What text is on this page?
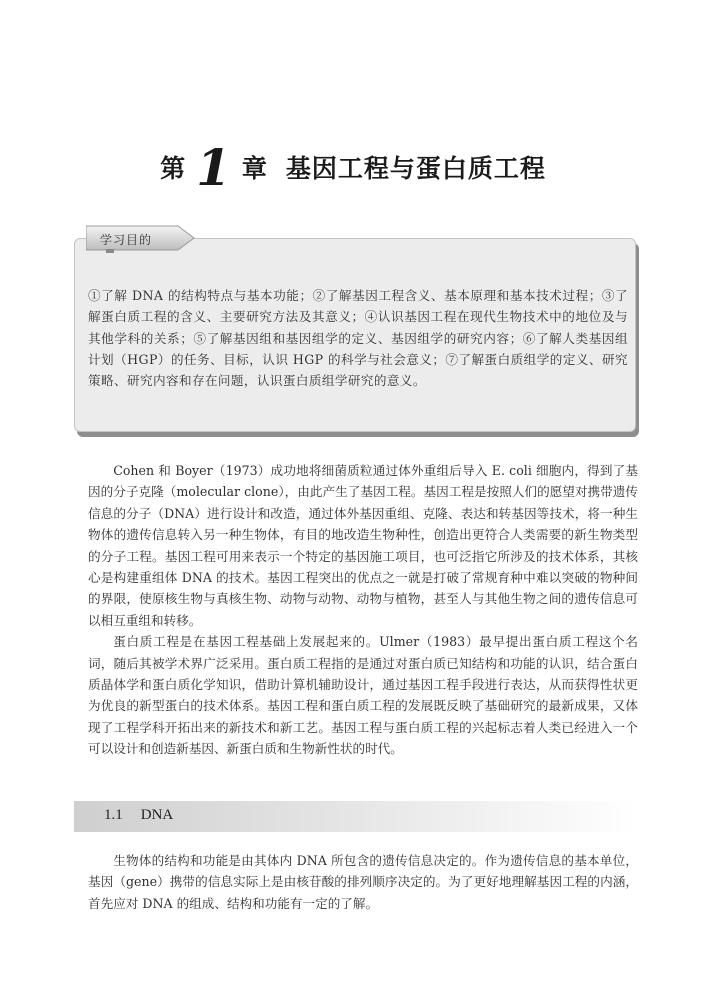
第 1 章 基因工程与蛋白质工程
学习目的
①了解 DNA 的结构特点与基本功能；②了解基因工程含义、基本原理和基本技术过程；③了解蛋白质工程的含义、主要研究方法及其意义；④认识基因工程在现代生物技术中的地位及与其他学科的关系；⑤了解基因组和基因组学的定义、基因组学的研究内容；⑥了解人类基因组计划（HGP）的任务、目标，认识 HGP 的科学与社会意义；⑦了解蛋白质组学的定义、研究策略、研究内容和存在问题，认识蛋白质组学研究的意义。

Cohen 和 Boyer（1973）成功地将细菌质粒通过体外重组后导入 E. coli 细胞内，得到了基因的分子克隆（molecular clone），由此产生了基因工程。基因工程是按照人们的愿望对携带遗传信息的分子（DNA）进行设计和改造，通过体外基因重组、克隆、表达和转基因等技术，将一种生物体的遗传信息转入另一种生物体，有目的地改造生物种性，创造出更符合人类需要的新生物类型的分子工程。基因工程可用来表示一个特定的基因施工项目，也可泛指它所涉及的技术体系，其核心是构建重组体 DNA 的技术。基因工程突出的优点之一就是打破了常规育种中难以突破的物种间的界限，使原核生物与真核生物、动物与动物、动物与植物，甚至人与其他生物之间的遗传信息可以相互重组和转移。

蛋白质工程是在基因工程基础上发展起来的。Ulmer（1983）最早提出蛋白质工程这个名词，随后其被学术界广泛采用。蛋白质工程指的是通过对蛋白质已知结构和功能的认识，结合蛋白质晶体学和蛋白质化学知识，借助计算机辅助设计，通过基因工程手段进行表达，从而获得性状更为优良的新型蛋白的技术体系。基因工程和蛋白质工程的发展既反映了基础研究的最新成果，又体现了工程学科开拓出来的新技术和新工艺。基因工程与蛋白质工程的兴起标志着人类已经进入一个可以设计和创造新基因、新蛋白质和生物新性状的时代。

1.1 DNA

生物体的结构和功能是由其体内 DNA 所包含的遗传信息决定的。作为遗传信息的基本单位，基因（gene）携带的信息实际上是由核苷酸的排列顺序决定的。为了更好地理解基因工程的内涵，首先应对 DNA 的组成、结构和功能有一定的了解。
